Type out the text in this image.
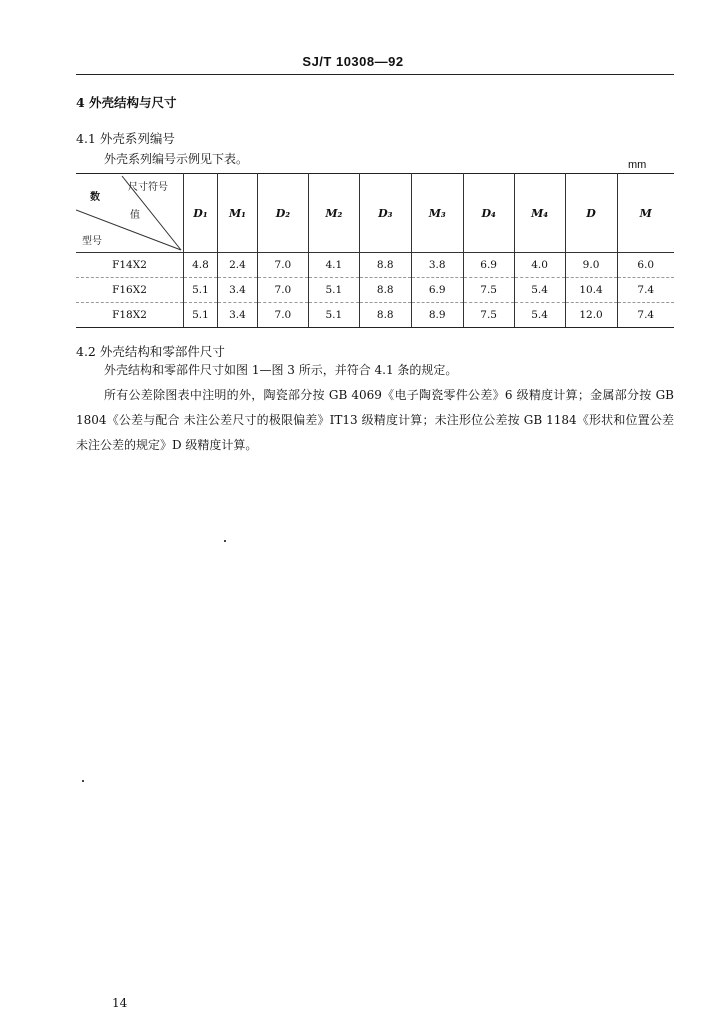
SJ/T 10308—92
4 外壳结构与尺寸
4.1 外壳系列编号
外壳系列编号示例见下表。	mm
尺寸符号
数
值
型号	D₁	M₁	D₂	M₂	D₃	M₃	D₄	M₄	D	M
F14X2	4.8	2.4	7.0	4.1	8.8	3.8	6.9	4.0	9.0	6.0
F16X2	5.1	3.4	7.0	5.1	8.8	6.9	7.5	5.4	10.4	7.4
F18X2	5.1	3.4	7.0	5.1	8.8	8.9	7.5	5.4	12.0	7.4
4.2 外壳结构和零部件尺寸
外壳结构和零部件尺寸如图 1—图 3 所示，并符合 4.1 条的规定。
所有公差除图表中注明的外，陶瓷部分按 GB 4069《电子陶瓷零件公差》6 级精度计算；金属部分按 GB 1804《公差与配合 未注公差尺寸的极限偏差》IT13 级精度计算；未注形位公差按 GB 1184《形状和位置公差 未注公差的规定》D 级精度计算。
14
